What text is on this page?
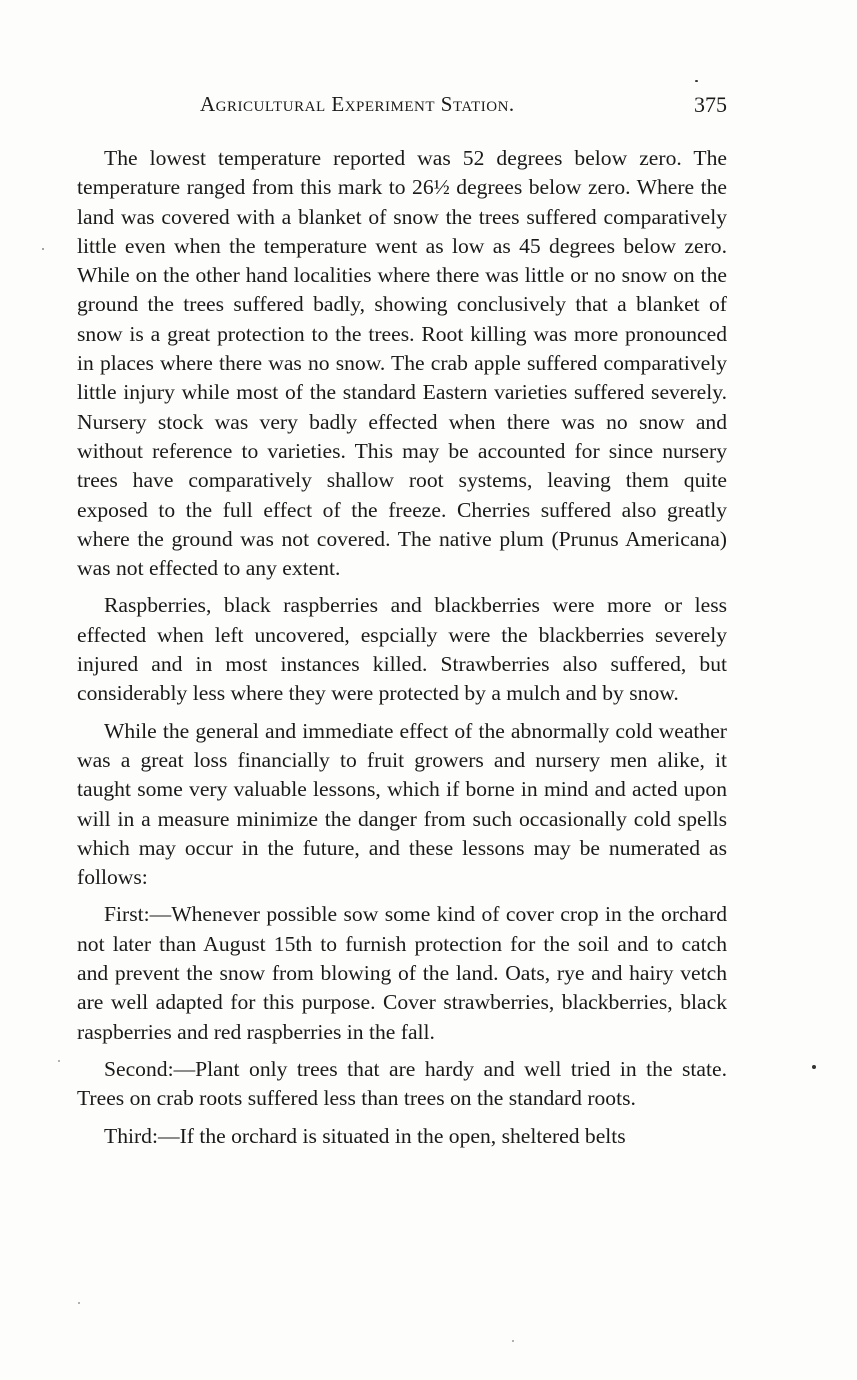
Agricultural Experiment Station.	375

The lowest temperature reported was 52 degrees below zero. The temperature ranged from this mark to 26½ degrees below zero. Where the land was covered with a blanket of snow the trees suffered comparatively little even when the temperature went as low as 45 degrees below zero. While on the other hand localities where there was little or no snow on the ground the trees suffered badly, showing conclusively that a blanket of snow is a great protection to the trees. Root killing was more pronounced in places where there was no snow. The crab apple suffered comparatively little injury while most of the standard Eastern varieties suffered severely. Nursery stock was very badly effected when there was no snow and without reference to varieties. This may be accounted for since nursery trees have comparatively shallow root systems, leaving them quite exposed to the full effect of the freeze. Cherries suffered also greatly where the ground was not covered. The native plum (Prunus Americana) was not effected to any extent.

Raspberries, black raspberries and blackberries were more or less effected when left uncovered, espcially were the blackberries severely injured and in most instances killed. Strawberries also suffered, but considerably less where they were protected by a mulch and by snow.

While the general and immediate effect of the abnormally cold weather was a great loss financially to fruit growers and nursery men alike, it taught some very valuable lessons, which if borne in mind and acted upon will in a measure minimize the danger from such occasionally cold spells which may occur in the future, and these lessons may be numerated as follows:

First:—Whenever possible sow some kind of cover crop in the orchard not later than August 15th to furnish protection for the soil and to catch and prevent the snow from blowing of the land. Oats, rye and hairy vetch are well adapted for this purpose. Cover strawberries, blackberries, black raspberries and red raspberries in the fall.

Second:—Plant only trees that are hardy and well tried in the state. Trees on crab roots suffered less than trees on the standard roots.

Third:—If the orchard is situated in the open, sheltered belts
